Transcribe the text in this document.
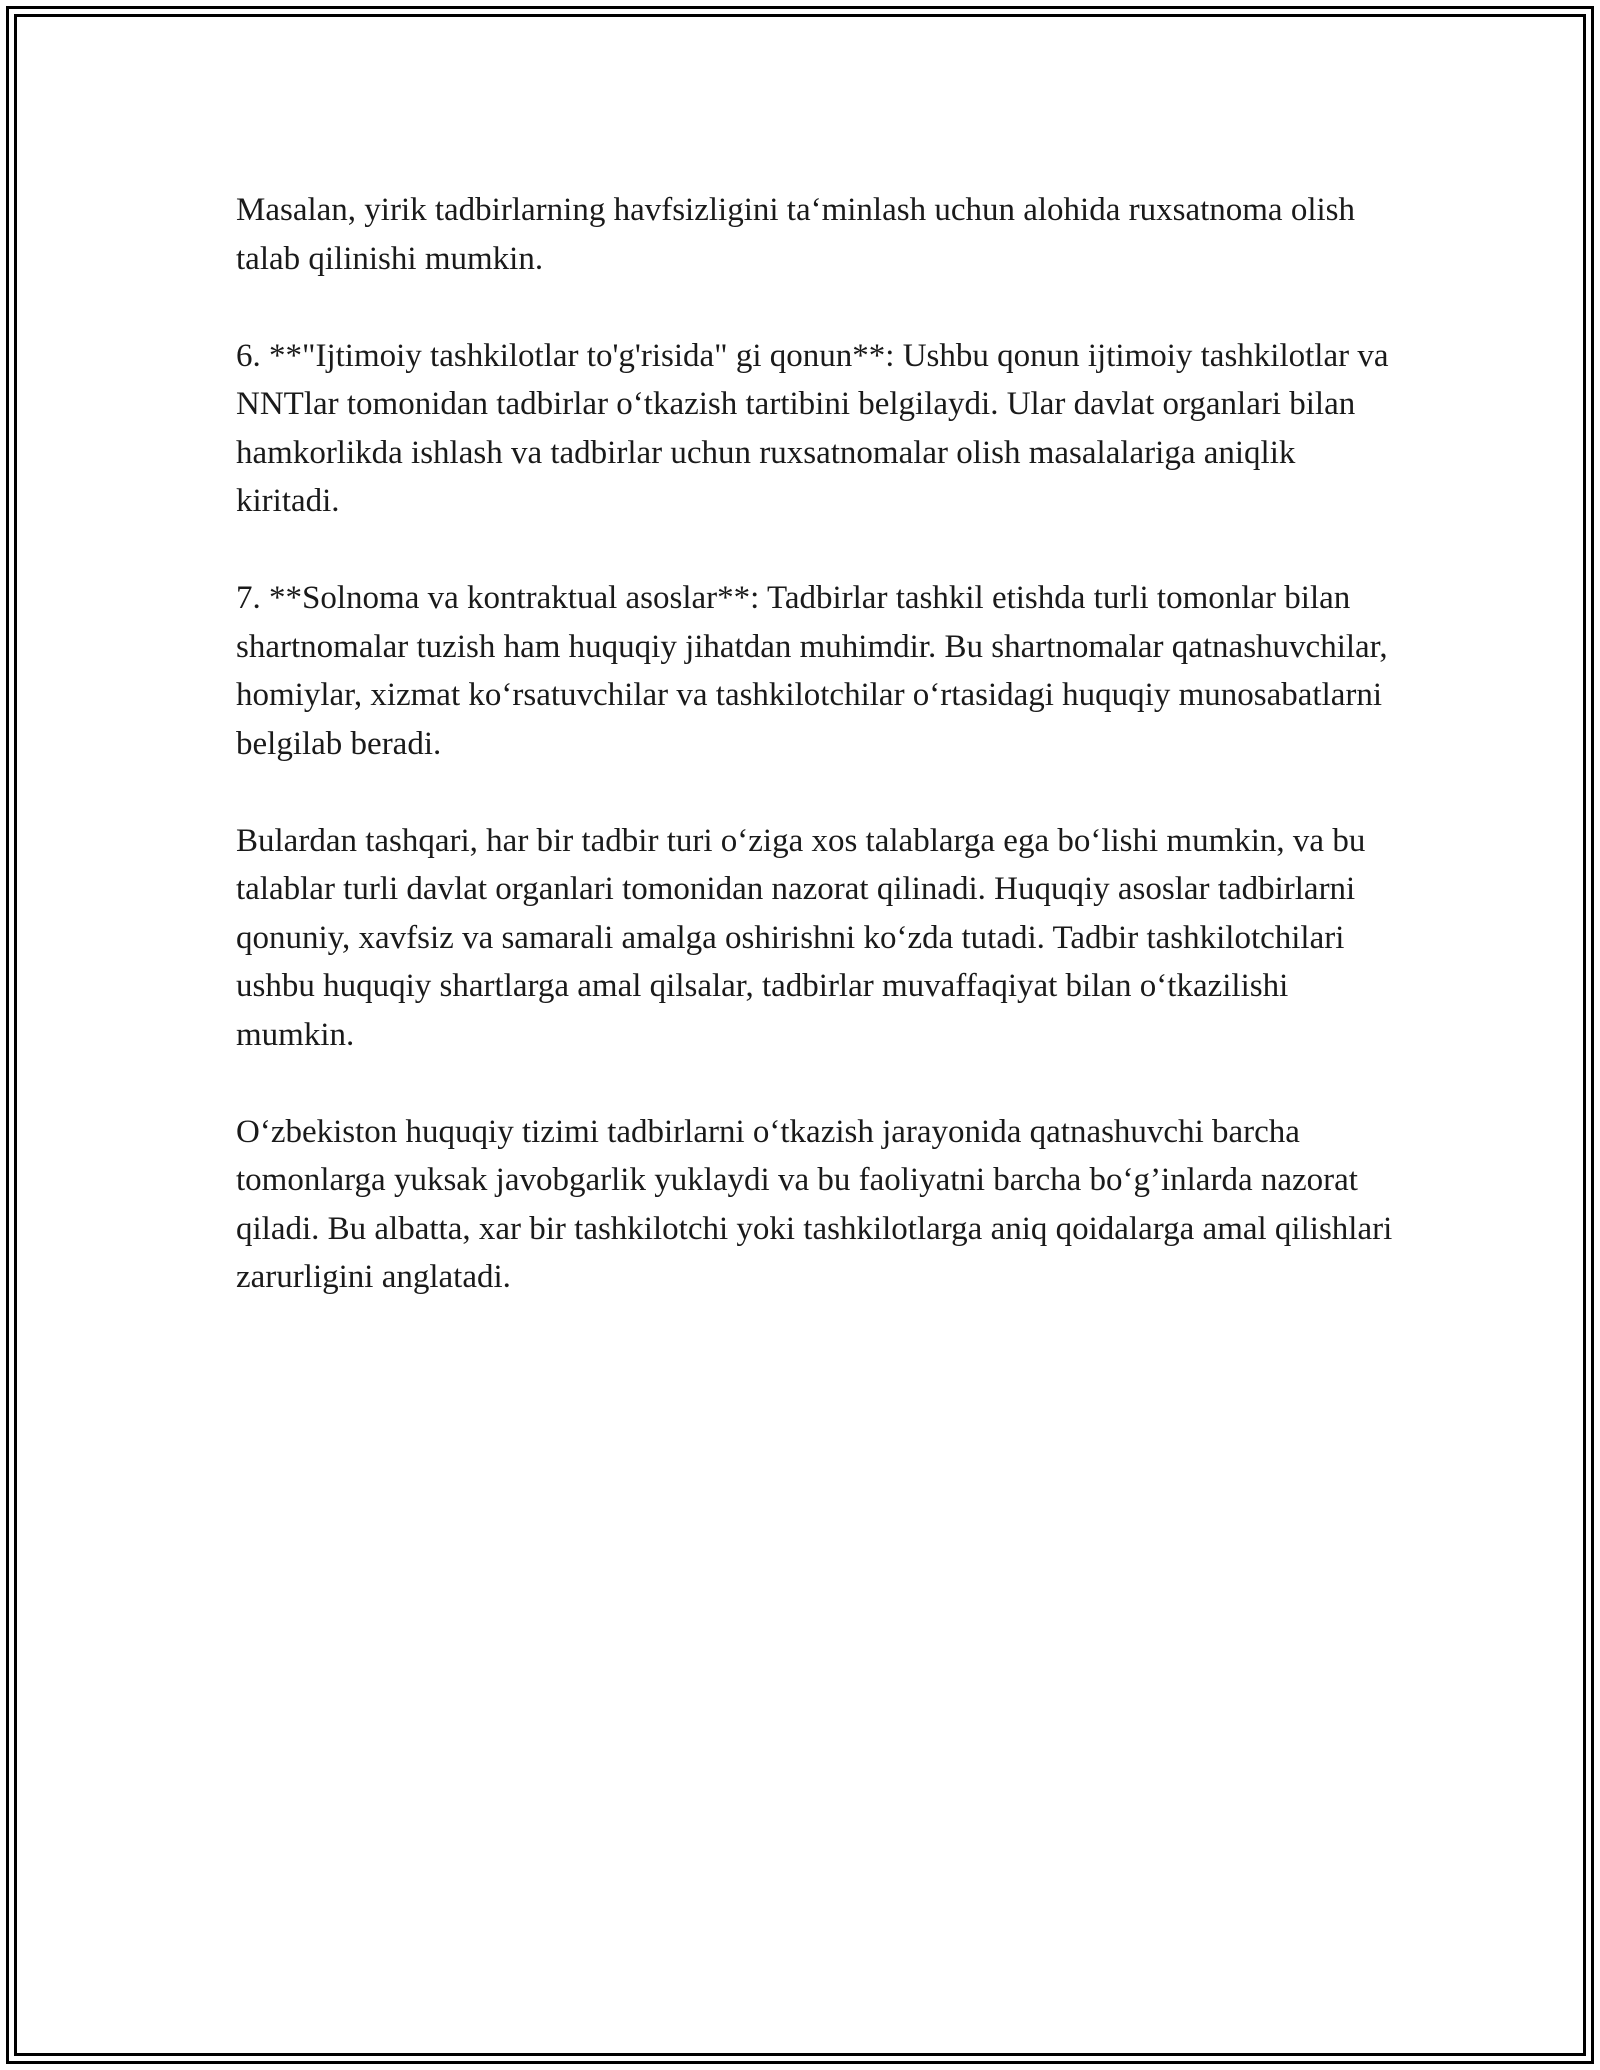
Masalan, yirik tadbirlarning havfsizligini ta‘minlash uchun alohida ruxsatnoma olish talab qilinishi mumkin.

6. **"Ijtimoiy tashkilotlar to'g'risida" gi qonun**: Ushbu qonun ijtimoiy tashkilotlar va NNTlar tomonidan tadbirlar o‘tkazish tartibini belgilaydi. Ular davlat organlari bilan hamkorlikda ishlash va tadbirlar uchun ruxsatnomalar olish masalalariga aniqlik kiritadi.

7. **Solnoma va kontraktual asoslar**: Tadbirlar tashkil etishda turli tomonlar bilan shartnomalar tuzish ham huquqiy jihatdan muhimdir. Bu shartnomalar qatnashuvchilar, homiylar, xizmat ko‘rsatuvchilar va tashkilotchilar o‘rtasidagi huquqiy munosabatlarni belgilab beradi.

Bulardan tashqari, har bir tadbir turi o‘ziga xos talablarga ega bo‘lishi mumkin, va bu talablar turli davlat organlari tomonidan nazorat qilinadi. Huquqiy asoslar tadbirlarni qonuniy, xavfsiz va samarali amalga oshirishni ko‘zda tutadi. Tadbir tashkilotchilari ushbu huquqiy shartlarga amal qilsalar, tadbirlar muvaffaqiyat bilan o‘tkazilishi mumkin.

O‘zbekiston huquqiy tizimi tadbirlarni o‘tkazish jarayonida qatnashuvchi barcha tomonlarga yuksak javobgarlik yuklaydi va bu faoliyatni barcha bo‘g’inlarda nazorat qiladi. Bu albatta, xar bir tashkilotchi yoki tashkilotlarga aniq qoidalarga amal qilishlari zarurligini anglatadi.
